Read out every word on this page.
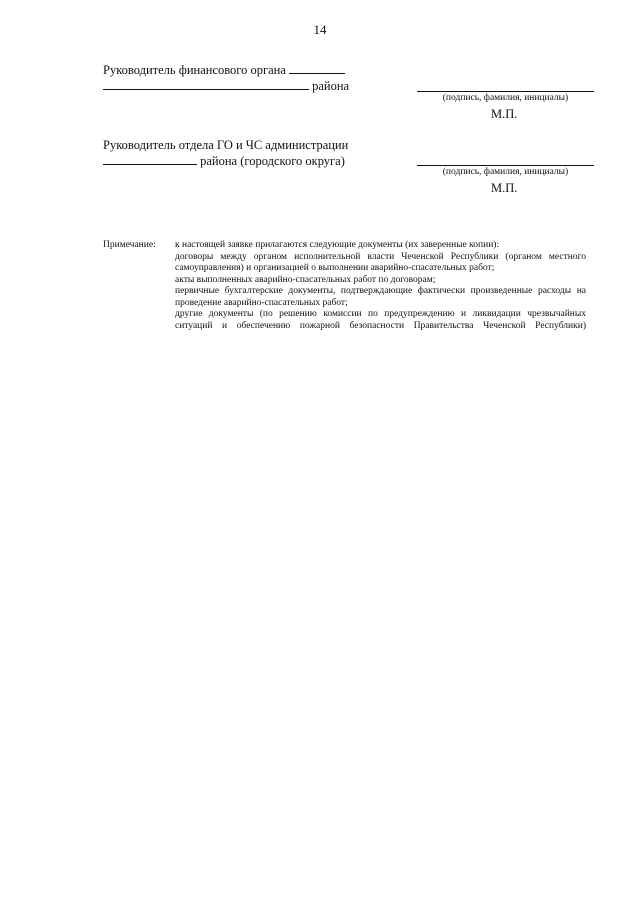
14
Руководитель финансового органа
района
(подпись, фамилия, инициалы)
М.П.
Руководитель отдела ГО и ЧС администрации
района (городского округа)
(подпись, фамилия, инициалы)
М.П.
Примечание: к настоящей заявке прилагаются следующие документы (их заверенные копии):

договоры между органом исполнительной власти Чеченской Республики (органом местного самоуправления) и организацией о выполнении аварийно-спасательных работ;

акты выполненных аварийно-спасательных работ по договорам;

первичные бухгалтерские документы, подтверждающие фактически произведенные расходы на проведение аварийно-спасательных работ;

другие документы (по решению комиссии по предупреждению и ликвидации чрезвычайных ситуаций и обеспечению пожарной безопасности Правительства Чеченской Республики)
